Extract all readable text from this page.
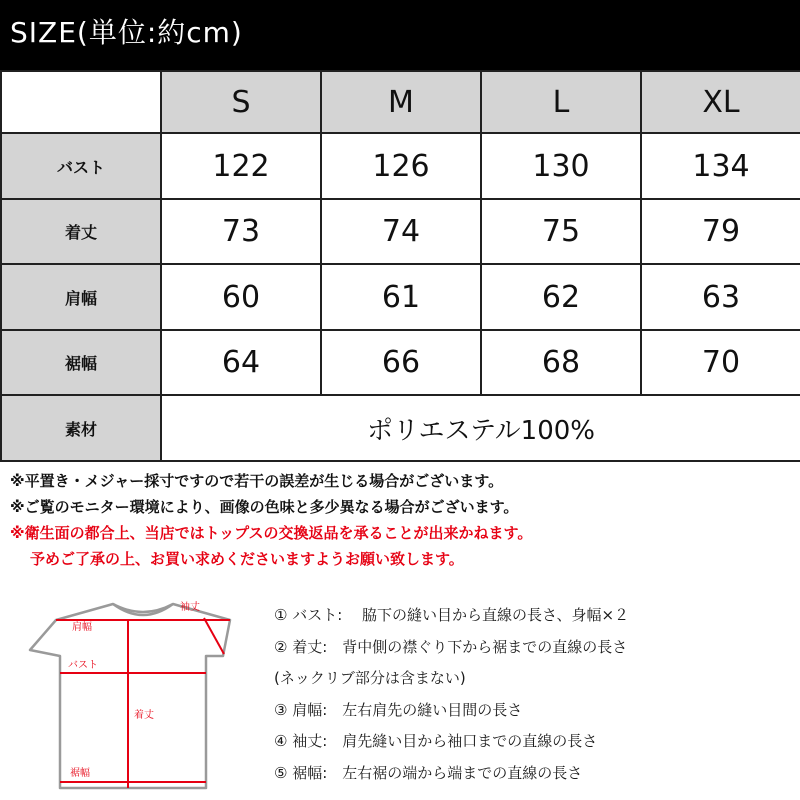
SIZE(単位:約cm)
	S	M	L	XL
バスト	122	126	130	134
着丈	73	74	75	79
肩幅	60	61	62	63
裾幅	64	66	68	70
素材	ポリエステル100%			
※平置き・メジャー採寸ですので若干の誤差が生じる場合がございます。
※ご覧のモニター環境により、画像の色味と多少異なる場合がございます。
※衛生面の都合上、当店ではトップスの交換返品を承ることが出来かねます。
予めご了承の上、お買い求めくださいますようお願い致します。
袖丈
肩幅
バスト
着丈
裾幅
① バスト:　 脇下の縫い目から直線の長さ、身幅×２
② 着丈:　背中側の襟ぐり下から裾までの直線の長さ
(ネックリブ部分は含まない)
③ 肩幅:　左右肩先の縫い目間の長さ
④ 袖丈:　肩先縫い目から袖口までの直線の長さ
⑤ 裾幅:　左右裾の端から端までの直線の長さ
